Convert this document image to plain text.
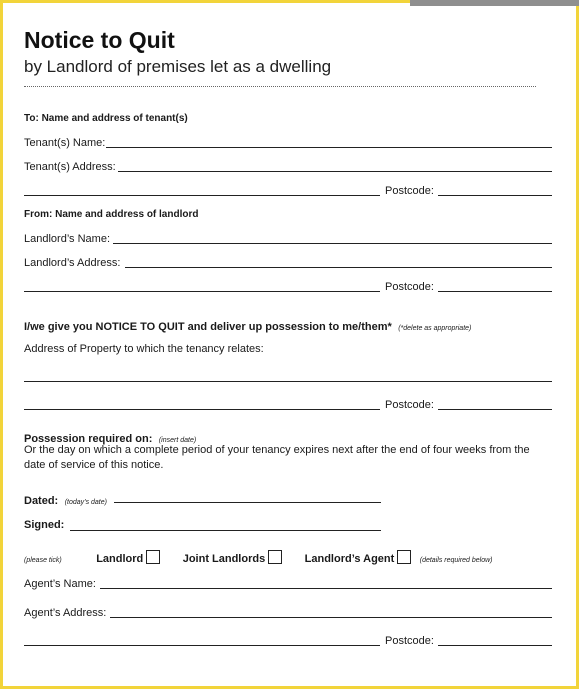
Notice to Quit
by Landlord of premises let as a dwelling
To: Name and address of tenant(s)
Tenant(s) Name:
Tenant(s) Address:
Postcode:
From: Name and address of landlord
Landlord’s Name:
Landlord’s Address:
Postcode:
I/we give you NOTICE TO QUIT and deliver up possession to me/them* (*delete as appropriate)
Address of Property to which the tenancy relates:
Postcode:
Possession required on: (insert date)
Or the day on which a complete period of your tenancy expires next after the end of four weeks from the
date of service of this notice.
Dated: (today’s date)
Signed:
(please tick)	Landlord	Joint Landlords	Landlord’s Agent	(details required below)
Agent’s Name:
Agent’s Address:
Postcode:
